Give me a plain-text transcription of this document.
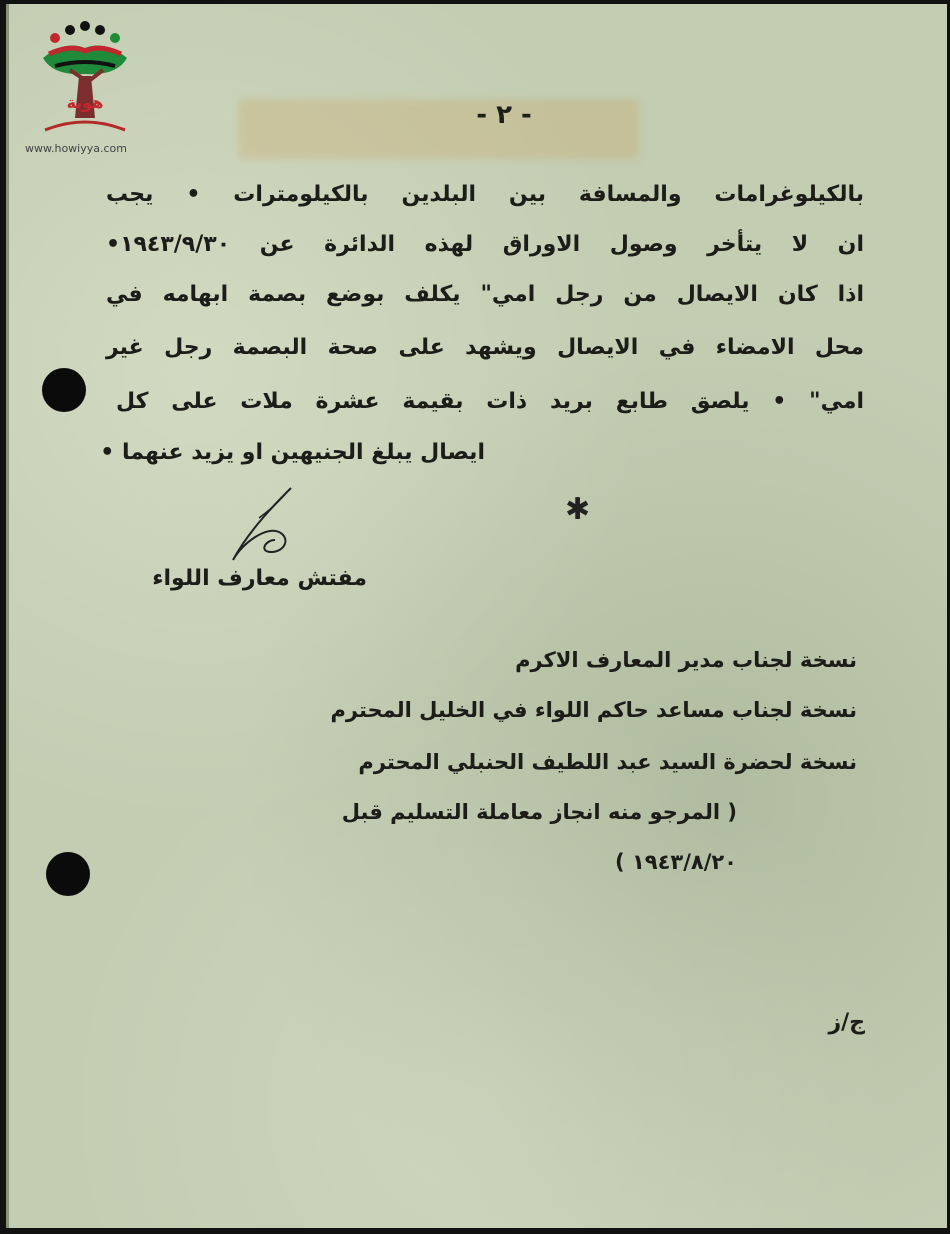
هوية
www.howiyya.com
- ٢ -
بالكيلوغرامات والمسافة بين البلدين بالكيلومترات • يجب
ان لا يتأخر وصول الاوراق لهذه الدائرة عن ١٩٤٣/٩/٣٠•
اذا كان الايصال من رجل امي" يكلف بوضع بصمة ابهامه في
محل الامضاء في الايصال ويشهد على صحة البصمة رجل غير
امي" • يلصق طابع بريد ذات بقيمة عشرة ملات على كل
ايصال يبلغ الجنيهين او يزيد عنهما •
✱
مفتش معارف اللواء
نسخة لجناب مدير المعارف الاكرم
نسخة لجناب مساعد حاكم اللواء في الخليل المحترم
نسخة لحضرة السيد عبد اللطيف الحنبلي المحترم
( المرجو منه انجاز معاملة التسليم قبل
١٩٤٣/٨/٢٠ )
ج/ز
